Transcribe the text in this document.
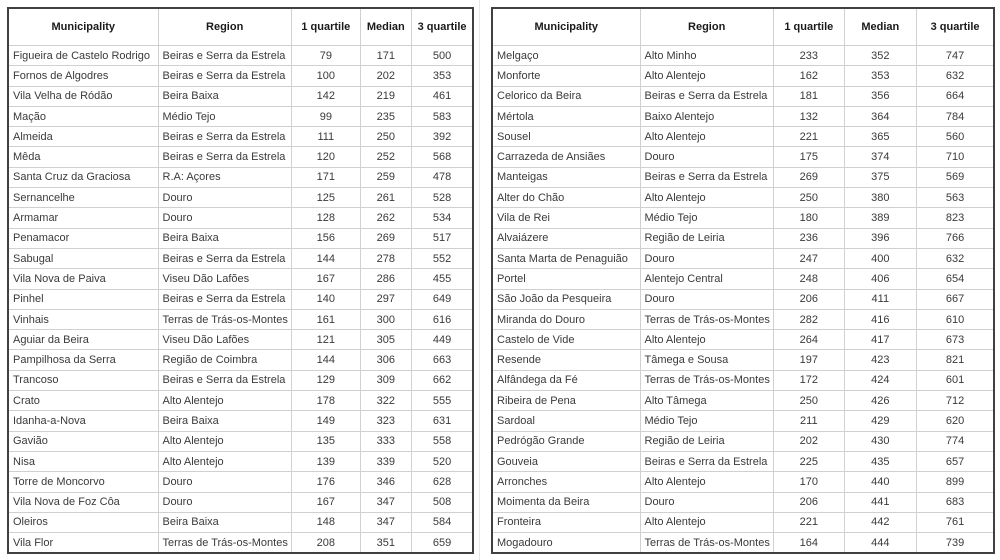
Municipality	Region	1 quartile	Median	3 quartile
Figueira de Castelo Rodrigo	Beiras e Serra da Estrela	79	171	500
Fornos de Algodres	Beiras e Serra da Estrela	100	202	353
Vila Velha de Ródão	Beira Baixa	142	219	461
Mação	Médio Tejo	99	235	583
Almeida	Beiras e Serra da Estrela	111	250	392
Mêda	Beiras e Serra da Estrela	120	252	568
Santa Cruz da Graciosa	R.A: Açores	171	259	478
Sernancelhe	Douro	125	261	528
Armamar	Douro	128	262	534
Penamacor	Beira Baixa	156	269	517
Sabugal	Beiras e Serra da Estrela	144	278	552
Vila Nova de Paiva	Viseu Dão Lafões	167	286	455
Pinhel	Beiras e Serra da Estrela	140	297	649
Vinhais	Terras de Trás-os-Montes	161	300	616
Aguiar da Beira	Viseu Dão Lafões	121	305	449
Pampilhosa da Serra	Região de Coimbra	144	306	663
Trancoso	Beiras e Serra da Estrela	129	309	662
Crato	Alto Alentejo	178	322	555
Idanha-a-Nova	Beira Baixa	149	323	631
Gavião	Alto Alentejo	135	333	558
Nisa	Alto Alentejo	139	339	520
Torre de Moncorvo	Douro	176	346	628
Vila Nova de Foz Côa	Douro	167	347	508
Oleiros	Beira Baixa	148	347	584
Vila Flor	Terras de Trás-os-Montes	208	351	659
Municipality	Region	1 quartile	Median	3 quartile
Melgaço	Alto Minho	233	352	747
Monforte	Alto Alentejo	162	353	632
Celorico da Beira	Beiras e Serra da Estrela	181	356	664
Mértola	Baixo Alentejo	132	364	784
Sousel	Alto Alentejo	221	365	560
Carrazeda de Ansiães	Douro	175	374	710
Manteigas	Beiras e Serra da Estrela	269	375	569
Alter do Chão	Alto Alentejo	250	380	563
Vila de Rei	Médio Tejo	180	389	823
Alvaiázere	Região de Leiria	236	396	766
Santa Marta de Penaguião	Douro	247	400	632
Portel	Alentejo Central	248	406	654
São João da Pesqueira	Douro	206	411	667
Miranda do Douro	Terras de Trás-os-Montes	282	416	610
Castelo de Vide	Alto Alentejo	264	417	673
Resende	Tâmega e Sousa	197	423	821
Alfândega da Fé	Terras de Trás-os-Montes	172	424	601
Ribeira de Pena	Alto Tâmega	250	426	712
Sardoal	Médio Tejo	211	429	620
Pedrógão Grande	Região de Leiria	202	430	774
Gouveia	Beiras e Serra da Estrela	225	435	657
Arronches	Alto Alentejo	170	440	899
Moimenta da Beira	Douro	206	441	683
Fronteira	Alto Alentejo	221	442	761
Mogadouro	Terras de Trás-os-Montes	164	444	739
